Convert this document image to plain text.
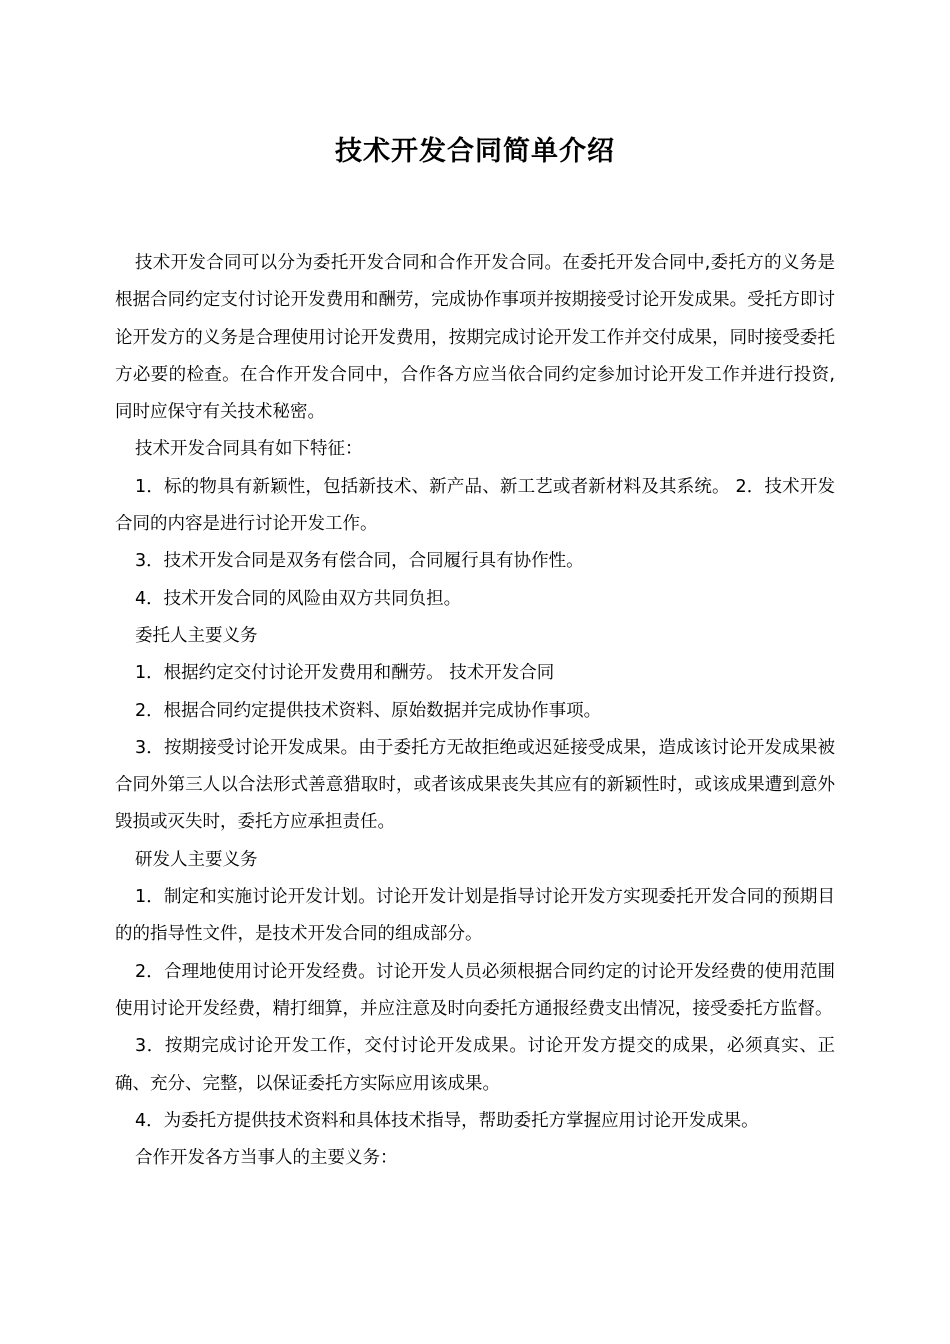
技术开发合同简单介绍

技术开发合同可以分为委托开发合同和合作开发合同。在委托开发合同中,委托方的义务是根据合同约定支付讨论开发费用和酬劳，完成协作事项并按期接受讨论开发成果。受托方即讨论开发方的义务是合理使用讨论开发费用，按期完成讨论开发工作并交付成果，同时接受委托方必要的检查。在合作开发合同中，合作各方应当依合同约定参加讨论开发工作并进行投资,同时应保守有关技术秘密。

技术开发合同具有如下特征：

1．标的物具有新颖性，包括新技术、新产品、新工艺或者新材料及其系统。 2．技术开发合同的内容是进行讨论开发工作。

3．技术开发合同是双务有偿合同，合同履行具有协作性。

4．技术开发合同的风险由双方共同负担。

委托人主要义务

1．根据约定交付讨论开发费用和酬劳。 技术开发合同

2．根据合同约定提供技术资料、原始数据并完成协作事项。

3．按期接受讨论开发成果。由于委托方无故拒绝或迟延接受成果，造成该讨论开发成果被合同外第三人以合法形式善意猎取时，或者该成果丧失其应有的新颖性时，或该成果遭到意外毁损或灭失时，委托方应承担责任。

研发人主要义务

1．制定和实施讨论开发计划。讨论开发计划是指导讨论开发方实现委托开发合同的预期目的的指导性文件，是技术开发合同的组成部分。

2．合理地使用讨论开发经费。讨论开发人员必须根据合同约定的讨论开发经费的使用范围使用讨论开发经费，精打细算，并应注意及时向委托方通报经费支出情况，接受委托方监督。

3．按期完成讨论开发工作，交付讨论开发成果。讨论开发方提交的成果，必须真实、正确、充分、完整，以保证委托方实际应用该成果。

4．为委托方提供技术资料和具体技术指导，帮助委托方掌握应用讨论开发成果。

合作开发各方当事人的主要义务：
